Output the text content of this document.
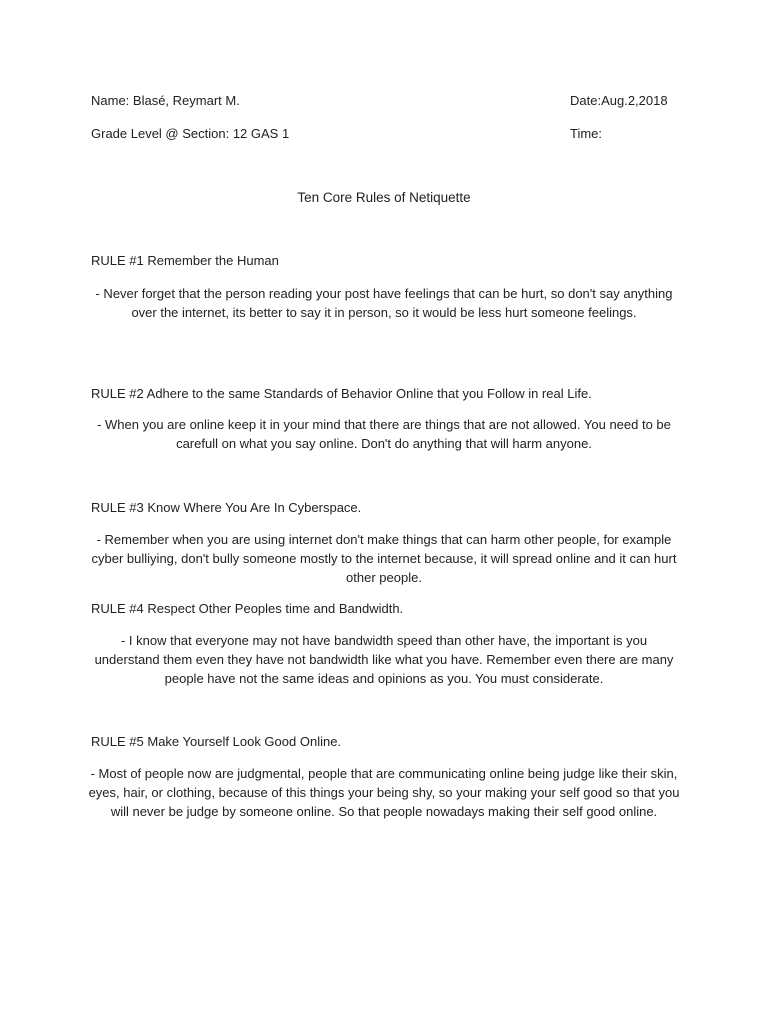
Name: Blasé, Reymart M.	Date:Aug.2,2018
Grade Level @ Section: 12 GAS 1	Time:
Ten Core Rules of Netiquette
RULE #1 Remember the Human
- Never forget that the person reading your post have feelings that can be hurt, so don't say anything over the internet, its better to say it in person, so it would be less hurt someone feelings.
RULE #2 Adhere to the same Standards of Behavior Online that you Follow in real Life.
- When you are online keep it in your mind that there are things that are not allowed. You need to be carefull on what you say online. Don't do anything that will harm anyone.
RULE #3 Know Where You Are In Cyberspace.
- Remember when you are using internet don't make things that can harm other people, for example cyber bulliying, don't bully someone mostly to the internet because, it will spread online and it can hurt other people.
RULE #4 Respect Other Peoples time and Bandwidth.
- I know that everyone may not have bandwidth speed than other have, the important is you understand them even they have not bandwidth like what you have. Remember even there are many people have not the same ideas and opinions as you. You must considerate.
RULE #5 Make Yourself Look Good Online.
- Most of people now are judgmental, people that are communicating online being judge like their skin, eyes, hair, or clothing, because of this things your being shy, so your making your self good so that you will never be judge by someone online. So that people nowadays making their self good online.
